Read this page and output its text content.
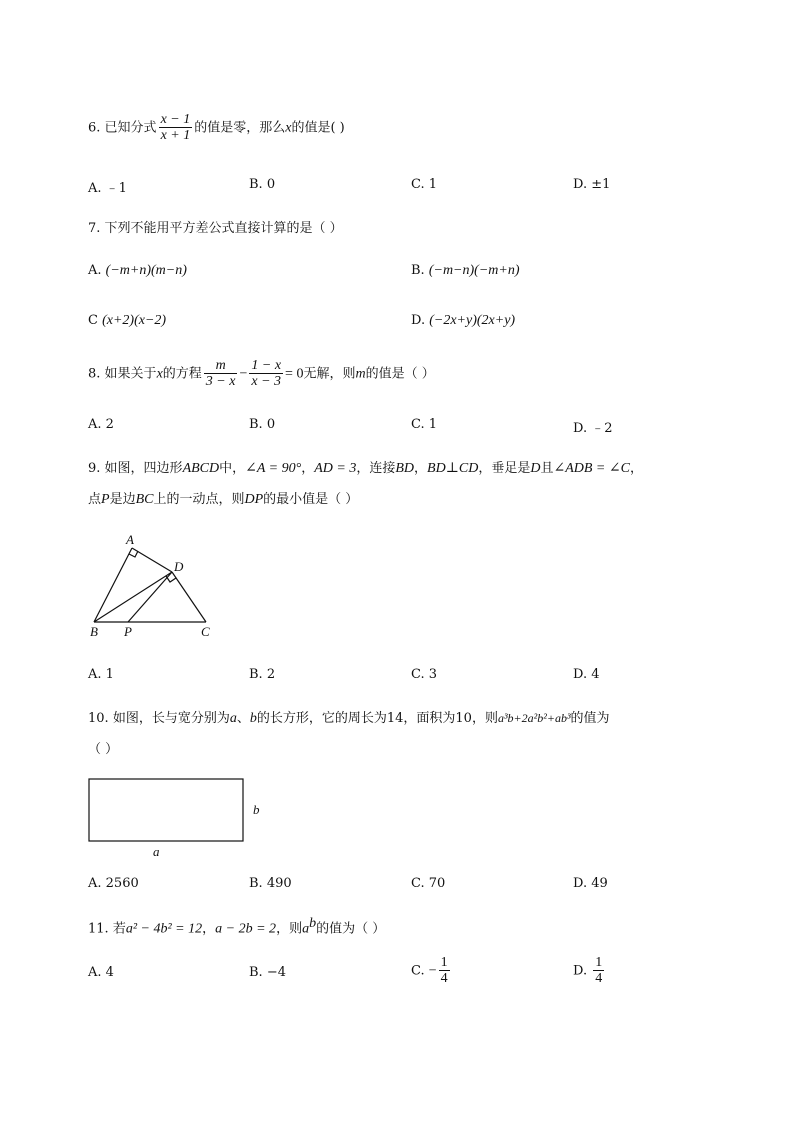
6. 已知分式 $\frac{x - 1}{x + 1}$ 的值是零，那么x的值是( )
A. ﹣1	B. 0	C. 1	D. ±1
7. 下列不能用平方差公式直接计算的是（ ）
A. (−m+n)(m−n)	B. (−m−n)(−m+n)
C (x+2)(x−2)	D. (−2x+y)(2x+y)
8. 如果关于x的方程 $\frac{m}{3 - x} - \frac{1 - x}{x - 3} = 0$无解，则m的值是（ ）
A. 2	B. 0	C. 1	D. ﹣2
9. 如图，四边形ABCD中，∠A = 90°，AD = 3，连接BD，BD⊥CD，垂足是D且∠ADB = ∠C，
点P是边BC上的一动点，则DP的最小值是（ ）
A
D
B P	C
A. 1	B. 2	C. 3	D. 4
10. 如图，长与宽分别为a、b的长方形，它的周长为14，面积为10，则a³b+2a²b²+ab³的值为
（ ）
b
a
A. 2560	B. 490	C. 70	D. 49
11. 若a² − 4b² = 12，a − 2b = 2，则$a^b$的值为（ ）
A. 4	B. −4	C. − $\frac{1}{4}$	D. $\frac{1}{4}$
